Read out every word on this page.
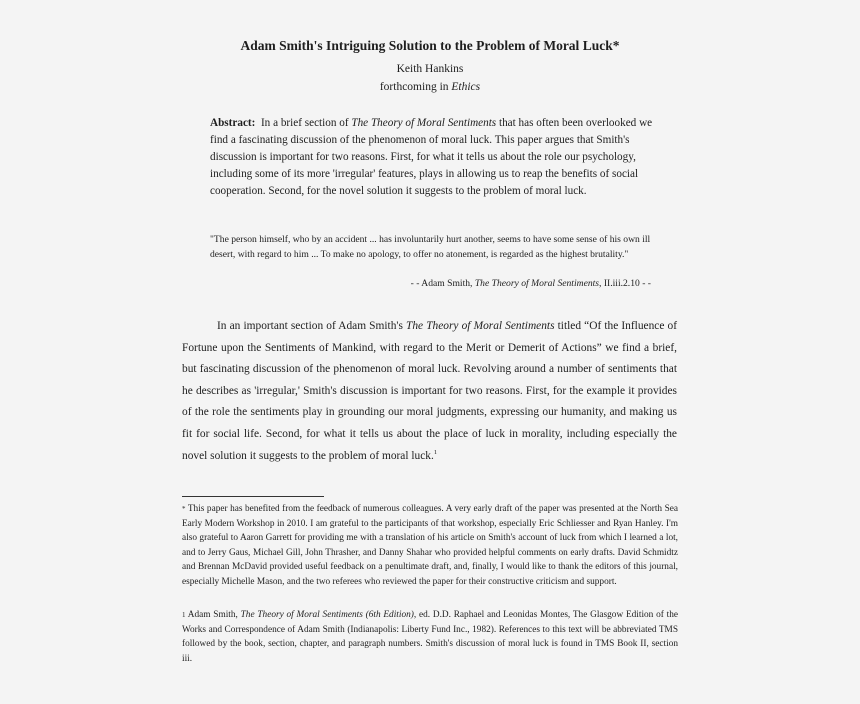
Adam Smith's Intriguing Solution to the Problem of Moral Luck*
Keith Hankins
forthcoming in Ethics
Abstract: In a brief section of The Theory of Moral Sentiments that has often been overlooked we find a fascinating discussion of the phenomenon of moral luck. This paper argues that Smith's discussion is important for two reasons. First, for what it tells us about the role our psychology, including some of its more 'irregular' features, plays in allowing us to reap the benefits of social cooperation. Second, for the novel solution it suggests to the problem of moral luck.
"The person himself, who by an accident ... has involuntarily hurt another, seems to have some sense of his own ill desert, with regard to him ... To make no apology, to offer no atonement, is regarded as the highest brutality."
- - Adam Smith, The Theory of Moral Sentiments, II.iii.2.10 - -
In an important section of Adam Smith's The Theory of Moral Sentiments titled “Of the Influence of Fortune upon the Sentiments of Mankind, with regard to the Merit or Demerit of Actions” we find a brief, but fascinating discussion of the phenomenon of moral luck. Revolving around a number of sentiments that he describes as 'irregular,' Smith's discussion is important for two reasons. First, for the example it provides of the role the sentiments play in grounding our moral judgments, expressing our humanity, and making us fit for social life. Second, for what it tells us about the place of luck in morality, including especially the novel solution it suggests to the problem of moral luck.$^1$
* This paper has benefited from the feedback of numerous colleagues. A very early draft of the paper was presented at the North Sea Early Modern Workshop in 2010. I am grateful to the participants of that workshop, especially Eric Schliesser and Ryan Hanley. I'm also grateful to Aaron Garrett for providing me with a translation of his article on Smith's account of luck from which I learned a lot, and to Jerry Gaus, Michael Gill, John Thrasher, and Danny Shahar who provided helpful comments on early drafts. David Schmidtz and Brennan McDavid provided useful feedback on a penultimate draft, and, finally, I would like to thank the editors of this journal, especially Michelle Mason, and the two referees who reviewed the paper for their constructive criticism and support.
$^1$ Adam Smith, The Theory of Moral Sentiments (6th Edition), ed. D.D. Raphael and Leonidas Montes, The Glasgow Edition of the Works and Correspondence of Adam Smith (Indianapolis: Liberty Fund Inc., 1982). References to this text will be abbreviated TMS followed by the book, section, chapter, and paragraph numbers. Smith's discussion of moral luck is found in TMS Book II, section iii.
